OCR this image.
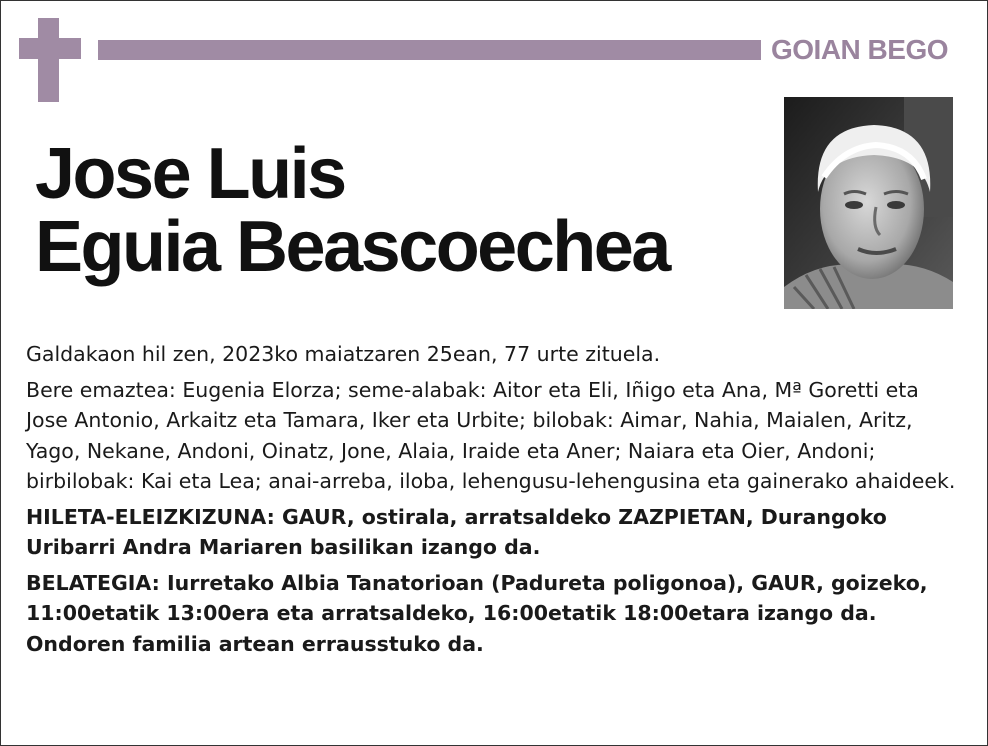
GOIAN BEGO
Jose Luis
Eguia Beascoechea

Galdakaon hil zen, 2023ko maiatzaren 25ean, 77 urte zituela.

Bere emaztea: Eugenia Elorza; seme-alabak: Aitor eta Eli, Iñigo eta Ana, Mª Goretti eta Jose Antonio, Arkaitz eta Tamara, Iker eta Urbite; bilobak: Aimar, Nahia, Maialen, Aritz, Yago, Nekane, Andoni, Oinatz, Jone, Alaia, Iraide eta Aner; Naiara eta Oier, Andoni; birbilobak: Kai eta Lea; anai-arreba, iloba, lehengusu-lehengusina eta gainerako ahaideek.

HILETA-ELEIZKIZUNA: GAUR, ostirala, arratsaldeko ZAZPIETAN, Durangoko Uribarri Andra Mariaren basilikan izango da.

BELATEGIA: Iurretako Albia Tanatorioan (Padureta poligonoa), GAUR, goizeko, 11:00etatik 13:00era eta arratsaldeko, 16:00etatik 18:00etara izango da. Ondoren familia artean errausstuko da.
